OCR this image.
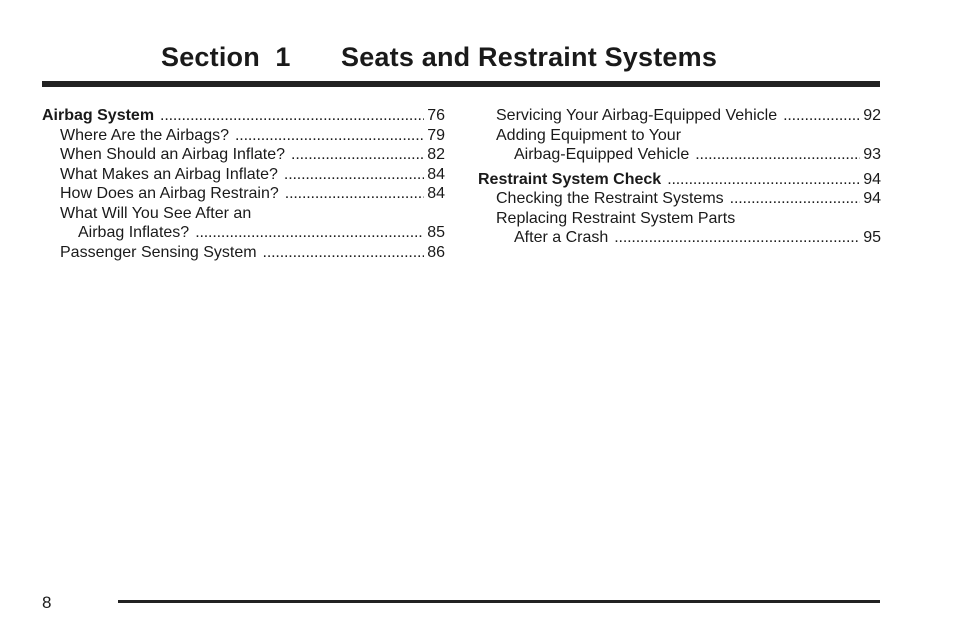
Section 1 Seats and Restraint Systems
Airbag System . . .	76
Where Are the Airbags? . . .	79
When Should an Airbag Inflate? . . .	82
What Makes an Airbag Inflate? . . .	84
How Does an Airbag Restrain? . . .	84
What Will You See After an
Airbag Inflates? . . .	85
Passenger Sensing System . . .	86
Servicing Your Airbag-Equipped Vehicle . . .	92
Adding Equipment to Your
Airbag-Equipped Vehicle . . .	93
Restraint System Check . . .	94
Checking the Restraint Systems . . .	94
Replacing Restraint System Parts
After a Crash . . .	95
8
